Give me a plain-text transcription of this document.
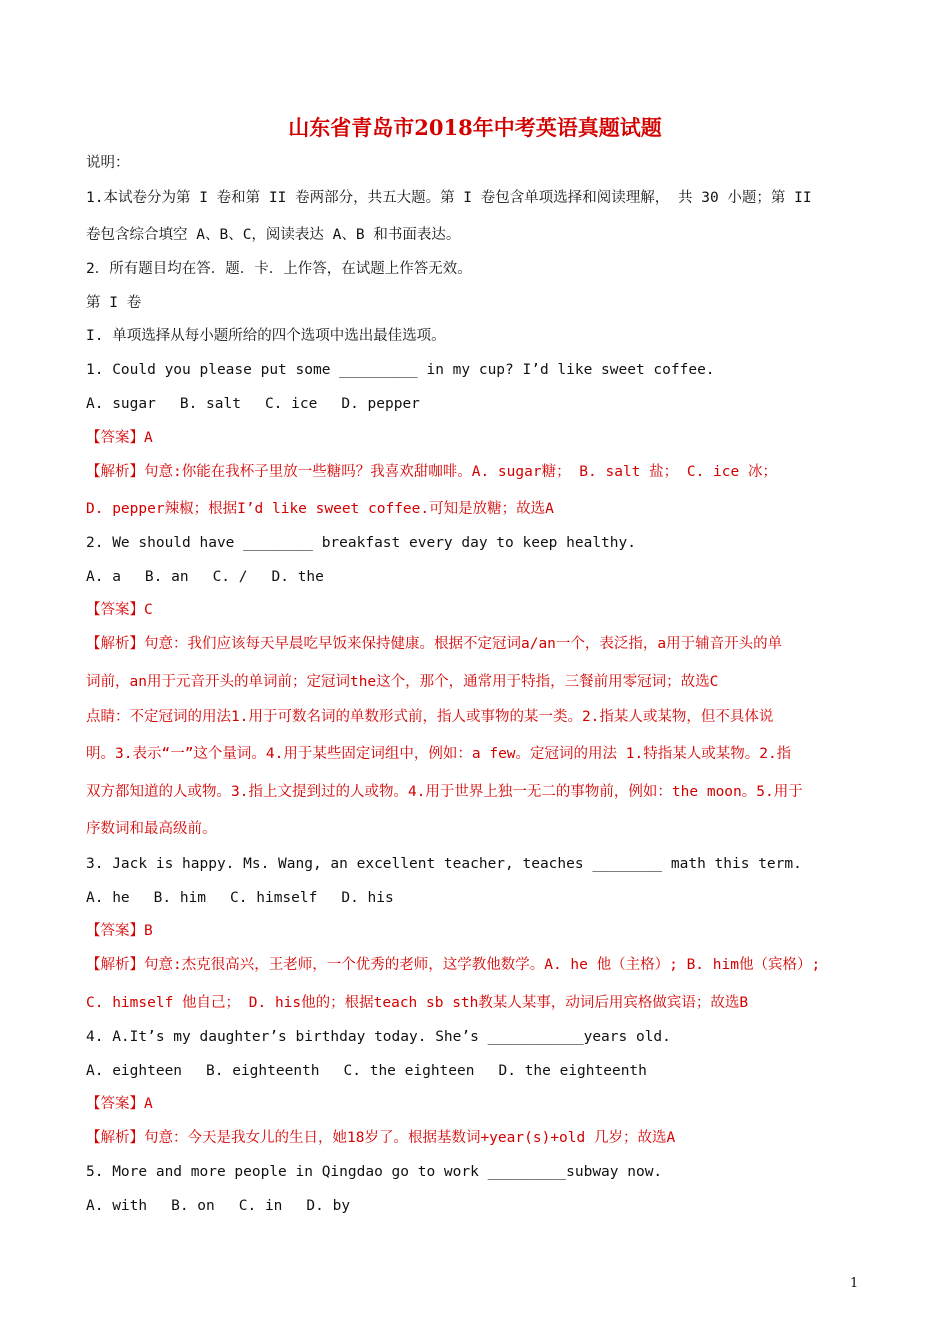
山东省青岛市2018年中考英语真题试题

说明：

1.本试卷分为第 I 卷和第 II 卷两部分，共五大题。第 I 卷包含单项选择和阅读理解， 共 30 小题；第 II

卷包含综合填空 A、B、C，阅读表达 A、B 和书面表达。

2．所有题目均在答．题．卡．上作答，在试题上作答无效。

第 I 卷

I. 单项选择从每小题所给的四个选项中选出最佳选项。

1. Could you please put some _________ in my cup? I’d like sweet coffee.

A. sugar B. salt C. ice D. pepper

【答案】A

【解析】句意:你能在我杯子里放一些糖吗？我喜欢甜咖啡。A. sugar糖； B. salt 盐； C. ice 冰；

D. pepper辣椒；根据I’d like sweet coffee.可知是放糖；故选A

2. We should have ________ breakfast every day to keep healthy.

A. a B. an C. / D. the

【答案】C

【解析】句意：我们应该每天早晨吃早饭来保持健康。根据不定冠词a/an一个，表泛指，a用于辅音开头的单

词前，an用于元音开头的单词前；定冠词the这个，那个，通常用于特指，三餐前用零冠词；故选C

点睛：不定冠词的用法1.用于可数名词的单数形式前，指人或事物的某一类。2.指某人或某物，但不具体说

明。3.表示“一”这个量词。4.用于某些固定词组中，例如：a few。定冠词的用法 1.特指某人或某物。2.指

双方都知道的人或物。3.指上文提到过的人或物。4.用于世界上独一无二的事物前，例如：the moon。5.用于

序数词和最高级前。

3. Jack is happy. Ms. Wang, an excellent teacher, teaches ________ math this term.

A. he B. him C. himself D. his

【答案】B

【解析】句意:杰克很高兴，王老师，一个优秀的老师，这学教他数学。A. he 他（主格）; B. him他（宾格）;

C. himself 他自己； D. his他的；根据teach sb sth教某人某事，动词后用宾格做宾语；故选B

4. A.It’s my daughter’s birthday today. She’s ___________years old.

A. eighteen B. eighteenth C. the eighteen D. the eighteenth

【答案】A

【解析】句意：今天是我女儿的生日，她18岁了。根据基数词+year(s)+old 几岁；故选A

5. More and more people in Qingdao go to work _________subway now.

A. with B. on C. in D. by

1
